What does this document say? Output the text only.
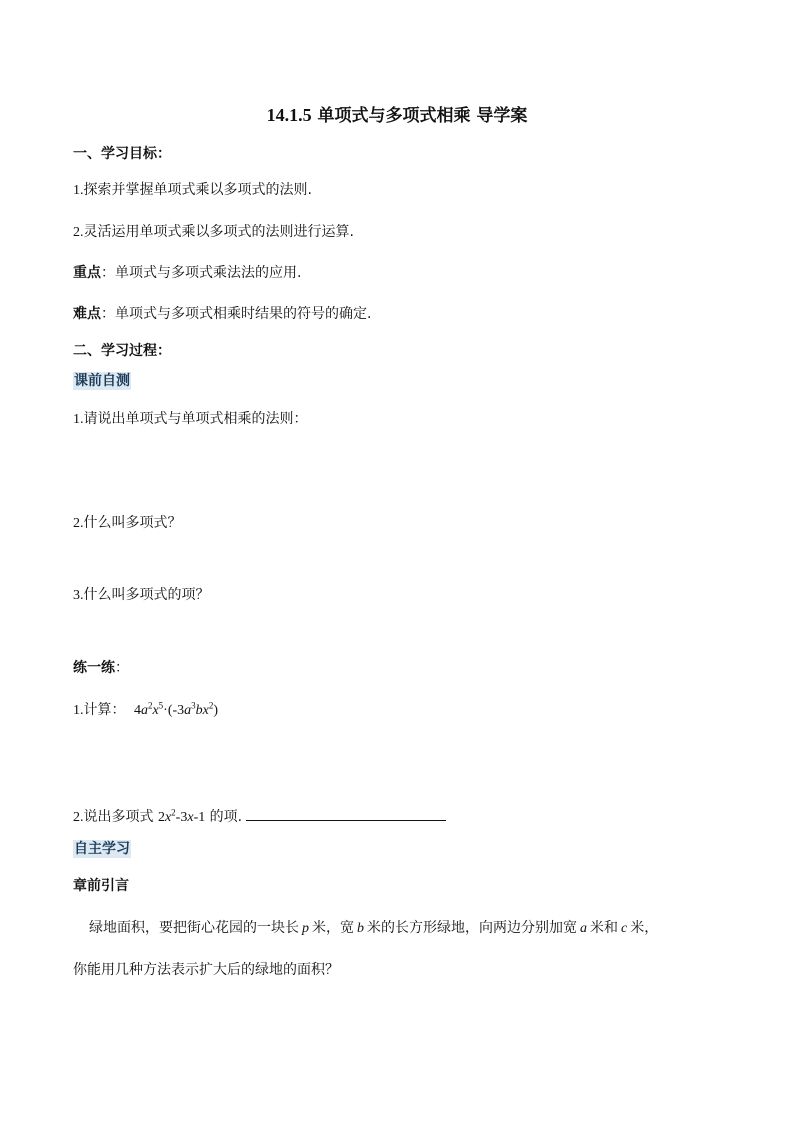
14.1.5 单项式与多项式相乘 导学案
一、学习目标：
1.探索并掌握单项式乘以多项式的法则.
2.灵活运用单项式乘以多项式的法则进行运算.
重点：单项式与多项式乘法法的应用.
难点：单项式与多项式相乘时结果的符号的确定.
二、学习过程：
课前自测
1.请说出单项式与单项式相乘的法则：
2.什么叫多项式？
3.什么叫多项式的项？
练一练：
1.计算： $4a^2x^5\cdot(-3a^3bx^2)$
2.说出多项式 $2x^2-3x-1$ 的项.
自主学习
章前引言
绿地面积，要把街心花园的一块长 p 米，宽 b 米的长方形绿地，向两边分别加宽 a 米和 c 米，
你能用几种方法表示扩大后的绿地的面积？
